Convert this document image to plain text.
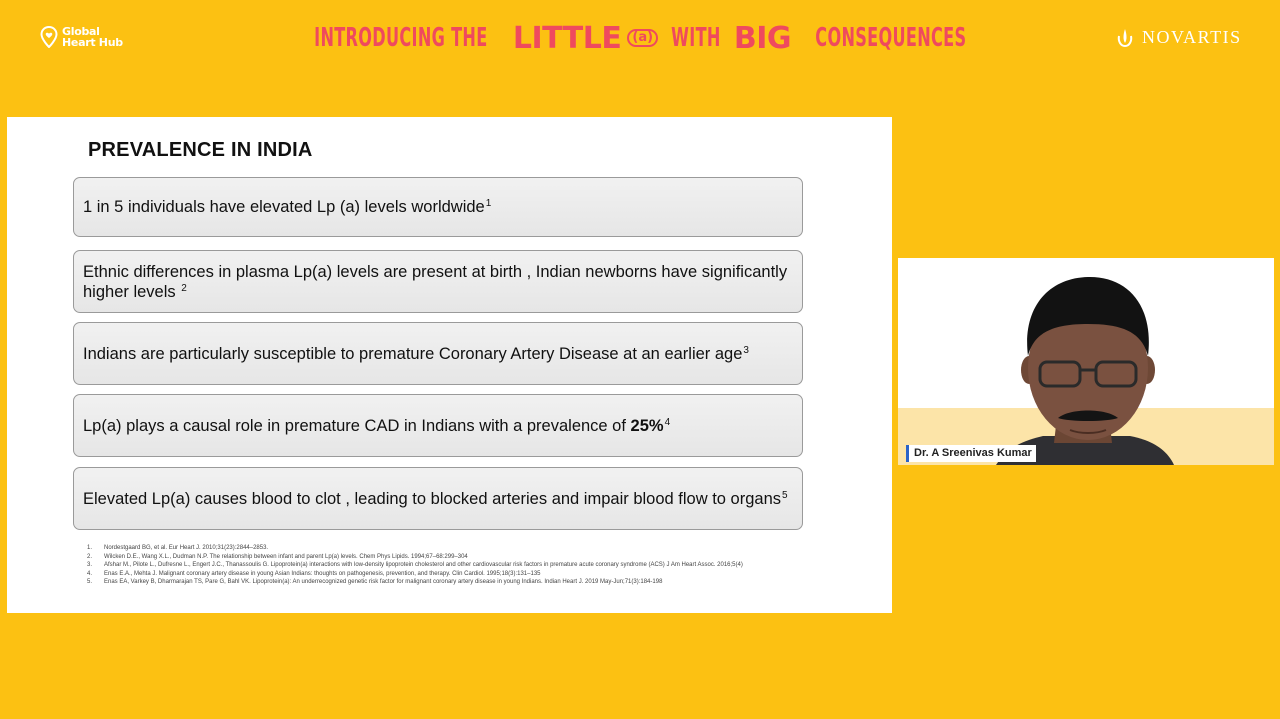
Global
Heart Hub	INTRODUCING THE LITTLE (a) WITH BIG CONSEQUENCES	NOVARTIS
PREVALENCE IN INDIA
1 in 5 individuals have elevated Lp (a) levels worldwide$^1$
Ethnic differences in plasma Lp(a) levels are present at birth , Indian newborns have significantly higher levels $^2$
Indians are particularly susceptible to premature Coronary Artery Disease at an earlier age$^3$
Lp(a) plays a causal role in premature CAD in Indians with a prevalence of 25%$^4$
Elevated Lp(a) causes blood to clot , leading to blocked arteries and impair blood flow to organs$^5$
1.	Nordestgaard BG, et al. Eur Heart J. 2010;31(23):2844–2853.
2.	Wilcken D.E., Wang X.L., Dudman N.P. The relationship between infant and parent Lp(a) levels. Chem Phys Lipids. 1994;67–68:299–304
3.	Afshar M., Pilote L., Dufresne L., Engert J.C., Thanassoulis G. Lipoprotein(a) interactions with low-density lipoprotein cholesterol and other cardiovascular risk factors in premature acute coronary syndrome (ACS) J Am Heart Assoc. 2016;5(4)
4.	Enas E.A., Mehta J. Malignant coronary artery disease in young Asian Indians: thoughts on pathogenesis, prevention, and therapy. Clin Cardiol. 1995;18(3):131–135
5.	Enas EA, Varkey B, Dharmarajan TS, Pare G, Bahl VK. Lipoprotein(a): An underrecognized genetic risk factor for malignant coronary artery disease in young Indians. Indian Heart J. 2019 May-Jun;71(3):184-198
Dr. A Sreenivas Kumar
